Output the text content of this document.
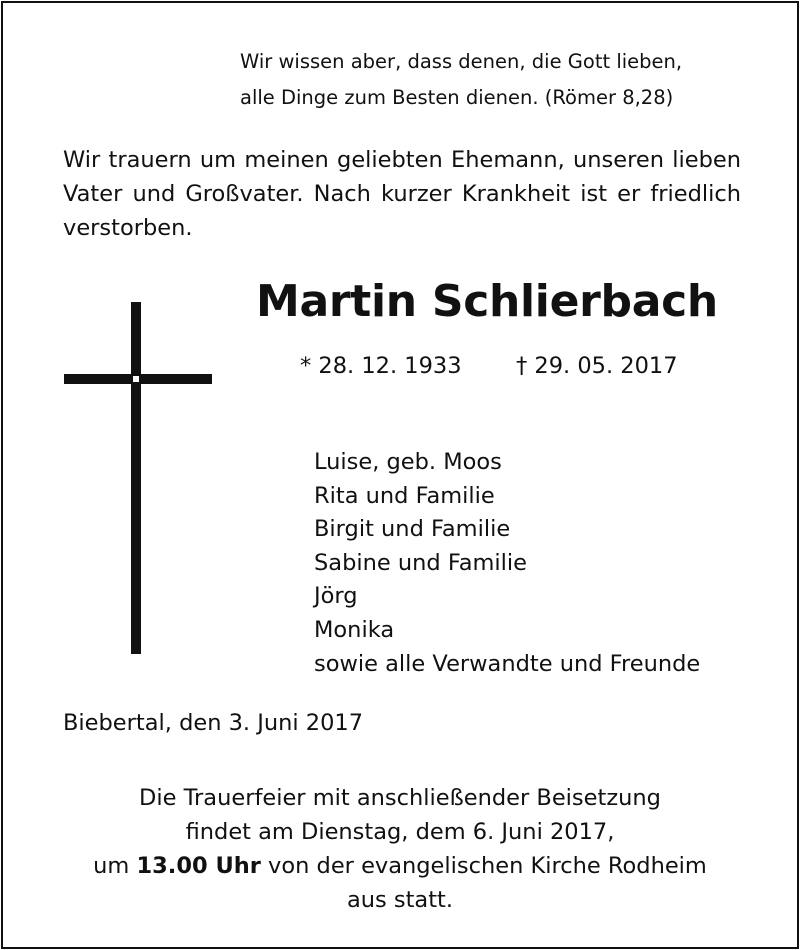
Wir wissen aber, dass denen, die Gott lieben,
alle Dinge zum Besten dienen. (Römer 8,28)
Wir trauern um meinen geliebten Ehemann, unseren lieben Vater und Großvater. Nach kurzer Krankheit ist er friedlich verstorben.
Martin Schlierbach
* 28. 12. 1933 † 29. 05. 2017
Luise, geb. Moos
Rita und Familie
Birgit und Familie
Sabine und Familie
Jörg
Monika
sowie alle Verwandte und Freunde
Biebertal, den 3. Juni 2017
Die Trauerfeier mit anschließender Beisetzung
findet am Dienstag, dem 6. Juni 2017,
um 13.00 Uhr von der evangelischen Kirche Rodheim
aus statt.
